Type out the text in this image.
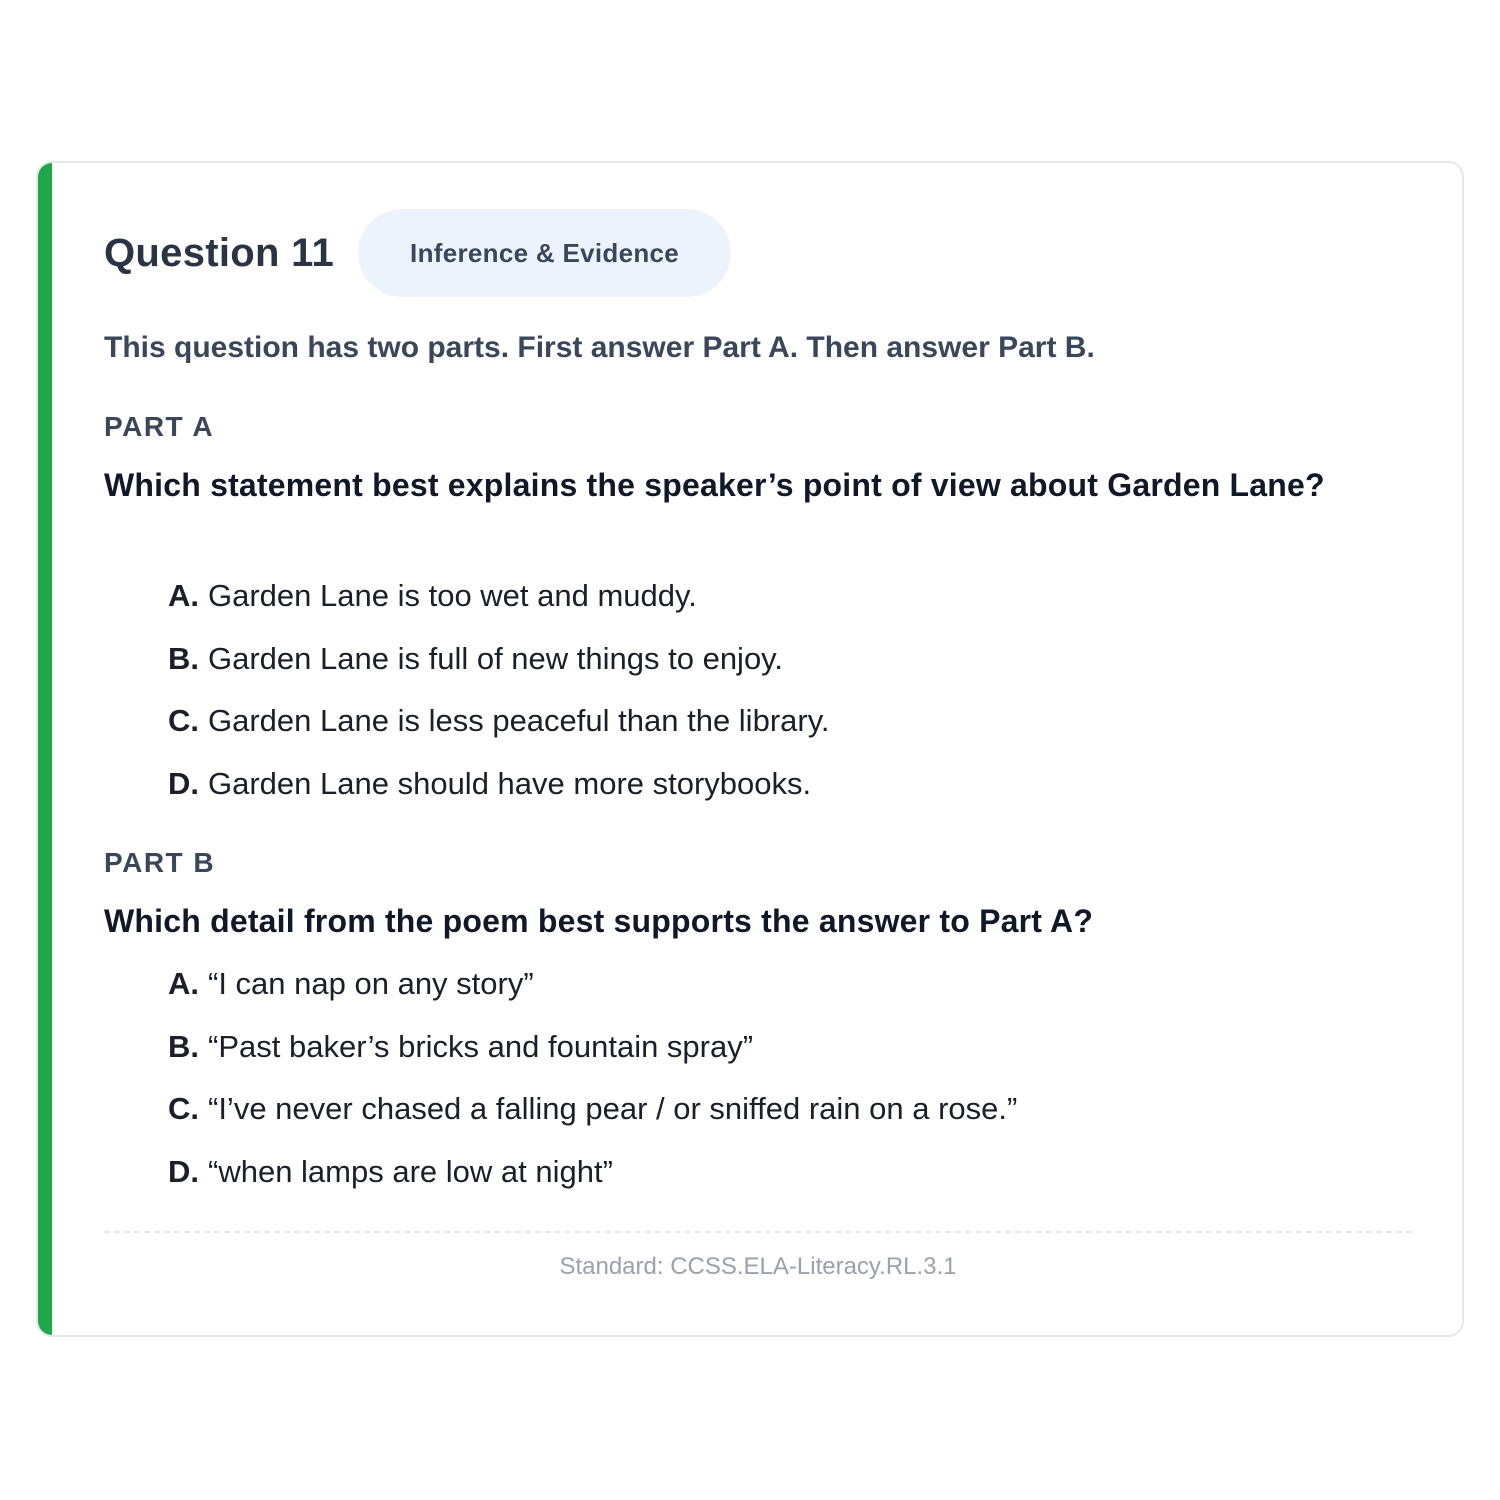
Question 11	Inference & Evidence

This question has two parts. First answer Part A. Then answer Part B.

PART A

Which statement best explains the speaker’s point of view about Garden Lane?

A. Garden Lane is too wet and muddy.
B. Garden Lane is full of new things to enjoy.
C. Garden Lane is less peaceful than the library.
D. Garden Lane should have more storybooks.

PART B

Which detail from the poem best supports the answer to Part A?

A. “I can nap on any story”
B. “Past baker’s bricks and fountain spray”
C. “I’ve never chased a falling pear / or sniffed rain on a rose.”
D. “when lamps are low at night”

Standard: CCSS.ELA-Literacy.RL.3.1
